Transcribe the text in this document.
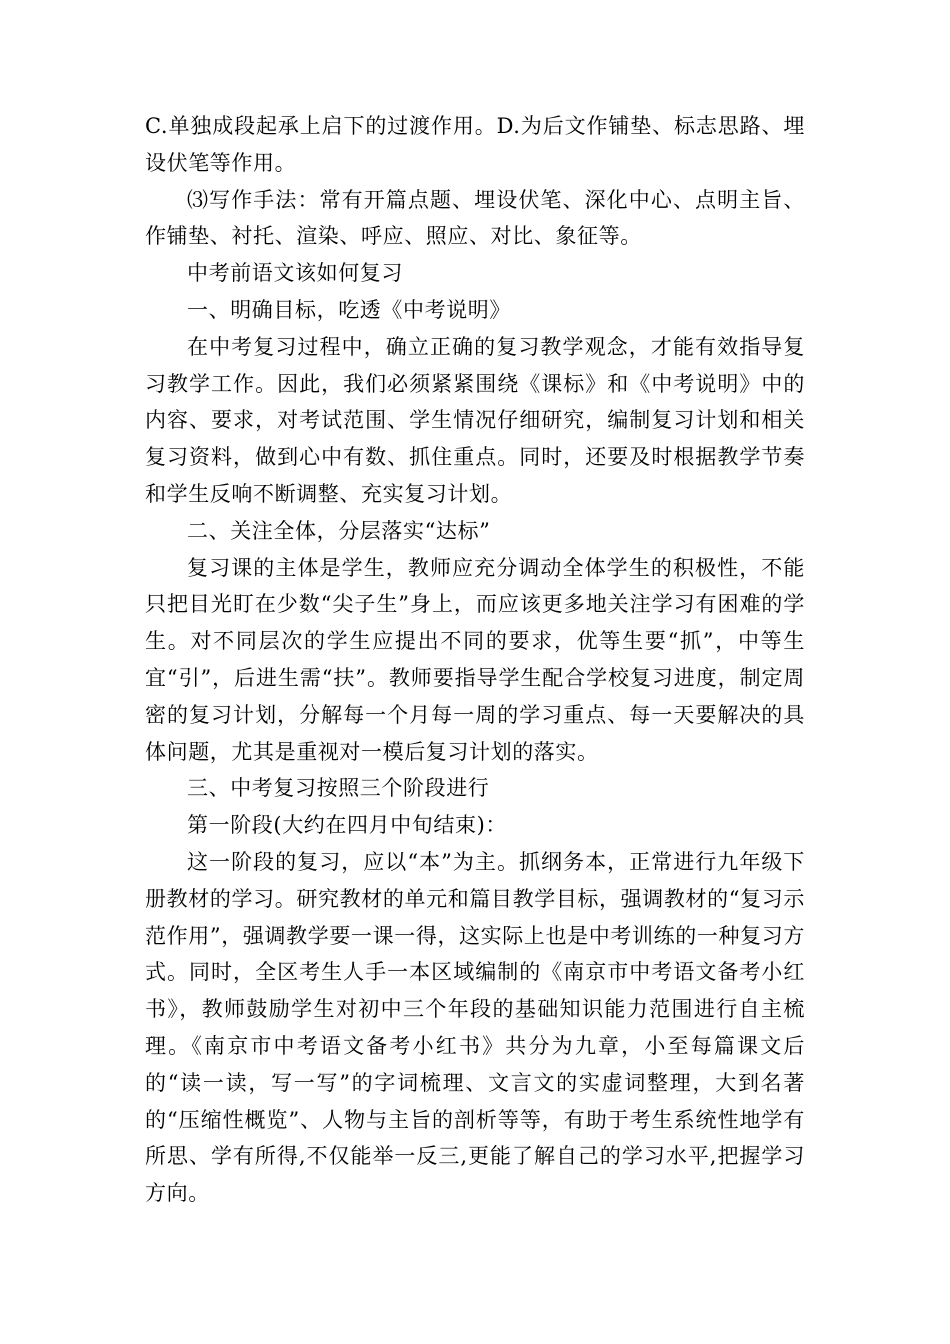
C.单独成段起承上启下的过渡作用。D.为后文作铺垫、标志思路、埋设伏笔等作用。

⑶写作手法：常有开篇点题、埋设伏笔、深化中心、点明主旨、作铺垫、衬托、渲染、呼应、照应、对比、象征等。

中考前语文该如何复习

一、明确目标，吃透《中考说明》

在中考复习过程中，确立正确的复习教学观念，才能有效指导复习教学工作。因此，我们必须紧紧围绕《课标》和《中考说明》中的内容、要求，对考试范围、学生情况仔细研究，编制复习计划和相关复习资料，做到心中有数、抓住重点。同时，还要及时根据教学节奏和学生反响不断调整、充实复习计划。

二、关注全体，分层落实“达标”

复习课的主体是学生，教师应充分调动全体学生的积极性，不能只把目光盯在少数“尖子生”身上，而应该更多地关注学习有困难的学生。对不同层次的学生应提出不同的要求，优等生要“抓”，中等生宜“引”，后进生需“扶”。教师要指导学生配合学校复习进度，制定周密的复习计划，分解每一个月每一周的学习重点、每一天要解决的具体问题，尤其是重视对一模后复习计划的落实。

三、中考复习按照三个阶段进行

第一阶段(大约在四月中旬结束)：

这一阶段的复习，应以“本”为主。抓纲务本，正常进行九年级下册教材的学习。研究教材的单元和篇目教学目标，强调教材的“复习示范作用”，强调教学要一课一得，这实际上也是中考训练的一种复习方式。同时，全区考生人手一本区域编制的《南京市中考语文备考小红书》，教师鼓励学生对初中三个年段的基础知识能力范围进行自主梳理。《南京市中考语文备考小红书》共分为九章，小至每篇课文后的“读一读，写一写”的字词梳理、文言文的实虚词整理，大到名著的“压缩性概览”、人物与主旨的剖析等等，有助于考生系统性地学有所思、学有所得,不仅能举一反三,更能了解自己的学习水平,把握学习方向。
